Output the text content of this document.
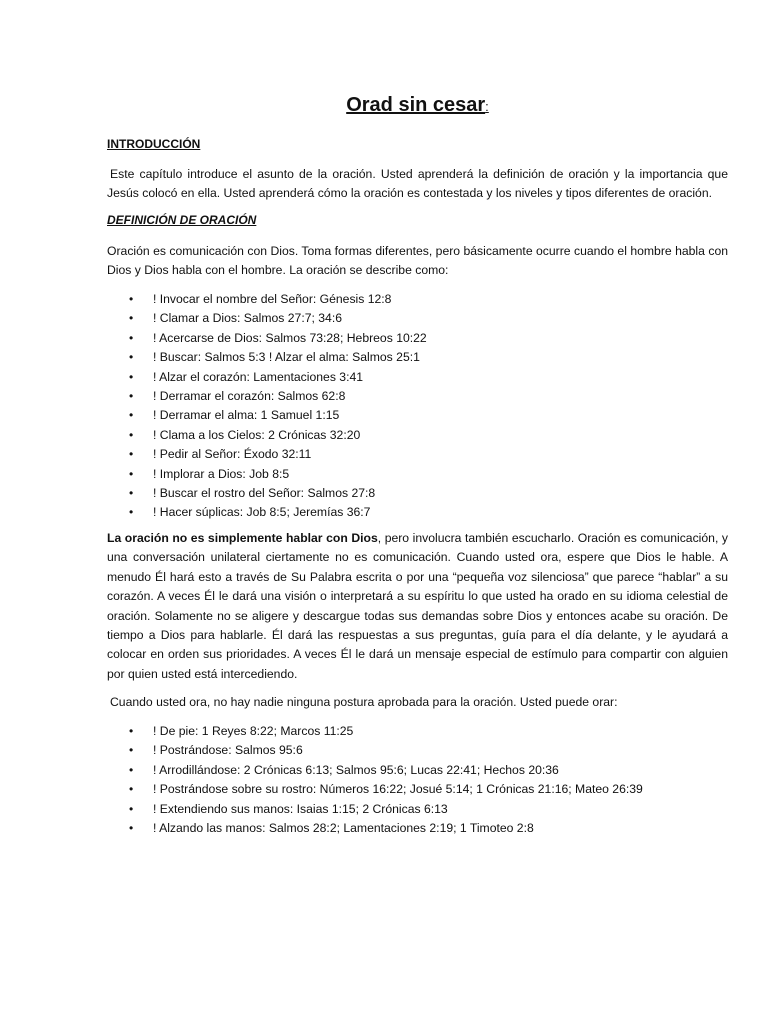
Orad sin cesar:
INTRODUCCIÓN

Este capítulo introduce el asunto de la oración. Usted aprenderá la definición de oración y la importancia que Jesús colocó en ella. Usted aprenderá cómo la oración es contestada y los niveles y tipos diferentes de oración.

DEFINICIÓN DE ORACIÓN

Oración es comunicación con Dios. Toma formas diferentes, pero básicamente ocurre cuando el hombre habla con Dios y Dios habla con el hombre. La oración se describe como:

• ! Invocar el nombre del Señor: Génesis 12:8
• ! Clamar a Dios: Salmos 27:7; 34:6
• ! Acercarse de Dios: Salmos 73:28; Hebreos 10:22
• ! Buscar: Salmos 5:3 ! Alzar el alma: Salmos 25:1
• ! Alzar el corazón: Lamentaciones 3:41
• ! Derramar el corazón: Salmos 62:8
• ! Derramar el alma: 1 Samuel 1:15
• ! Clama a los Cielos: 2 Crónicas 32:20
• ! Pedir al Señor: Éxodo 32:11
• ! Implorar a Dios: Job 8:5
• ! Buscar el rostro del Señor: Salmos 27:8
• ! Hacer súplicas: Job 8:5; Jeremías 36:7

La oración no es simplemente hablar con Dios, pero involucra también escucharlo. Oración es comunicación, y una conversación unilateral ciertamente no es comunicación. Cuando usted ora, espere que Dios le hable. A menudo Él hará esto a través de Su Palabra escrita o por una “pequeña voz silenciosa” que parece “hablar” a su corazón. A veces Él le dará una visión o interpretará a su espíritu lo que usted ha orado en su idioma celestial de oración. Solamente no se aligere y descargue todas sus demandas sobre Dios y entonces acabe su oración. De tiempo a Dios para hablarle. Él dará las respuestas a sus preguntas, guía para el día delante, y le ayudará a colocar en orden sus prioridades. A veces Él le dará un mensaje especial de estímulo para compartir con alguien por quien usted está intercediendo.

Cuando usted ora, no hay nadie ninguna postura aprobada para la oración. Usted puede orar:

• ! De pie: 1 Reyes 8:22; Marcos 11:25
• ! Postrándose: Salmos 95:6
• ! Arrodillándose: 2 Crónicas 6:13; Salmos 95:6; Lucas 22:41; Hechos 20:36
• ! Postrándose sobre su rostro: Números 16:22; Josué 5:14; 1 Crónicas 21:16; Mateo 26:39
• ! Extendiendo sus manos: Isaias 1:15; 2 Crónicas 6:13
• ! Alzando las manos: Salmos 28:2; Lamentaciones 2:19; 1 Timoteo 2:8
